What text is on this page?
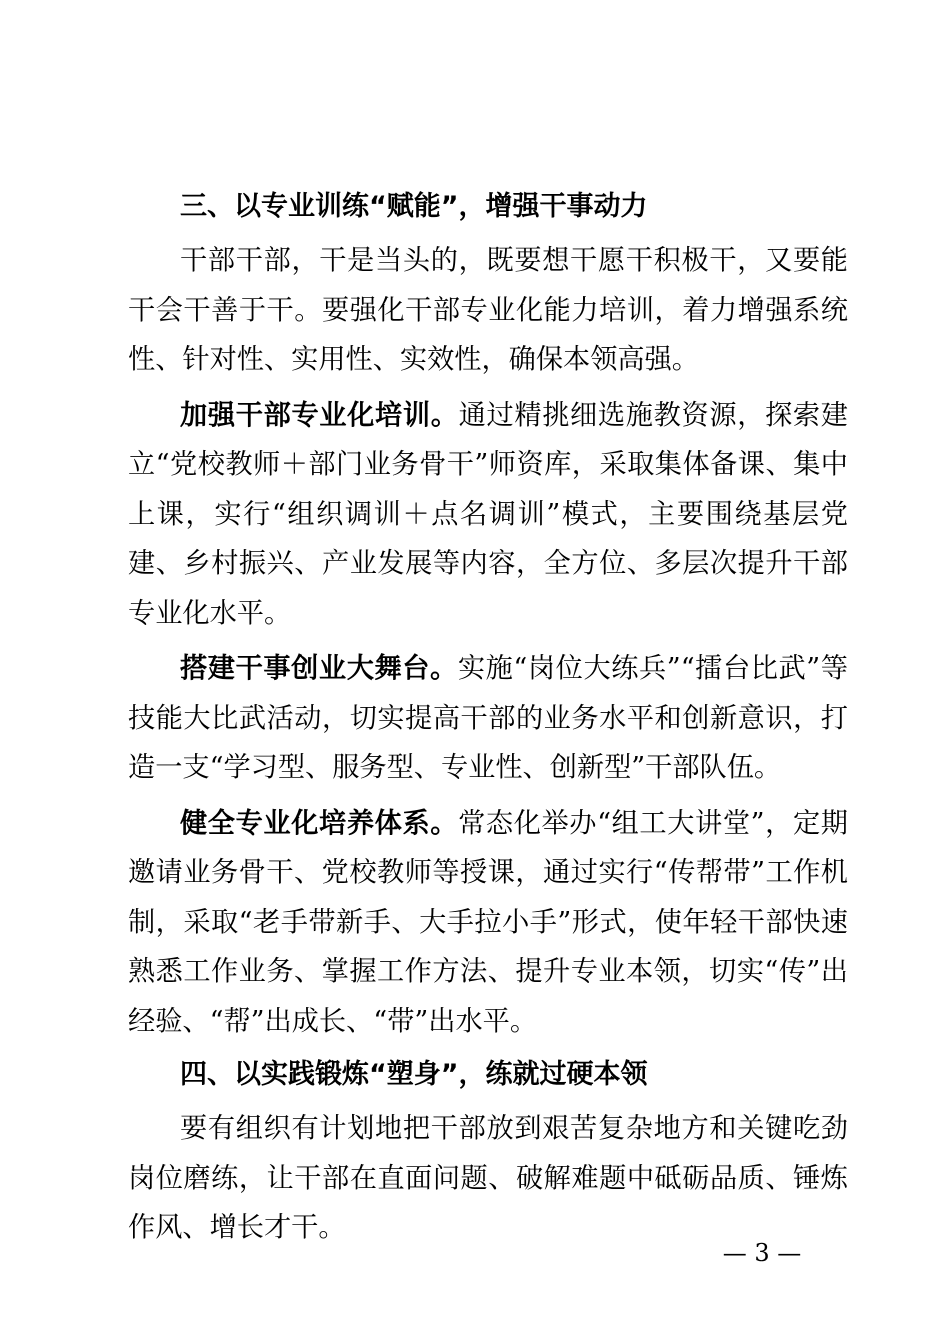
三、以专业训练“赋能”，增强干事动力

干部干部，干是当头的，既要想干愿干积极干，又要能干会干善于干。要强化干部专业化能力培训，着力增强系统性、针对性、实用性、实效性，确保本领高强。

加强干部专业化培训。通过精挑细选施教资源，探索建立“党校教师＋部门业务骨干”师资库，采取集体备课、集中上课，实行“组织调训＋点名调训”模式，主要围绕基层党建、乡村振兴、产业发展等内容，全方位、多层次提升干部专业化水平。

搭建干事创业大舞台。实施“岗位大练兵”“擂台比武”等技能大比武活动，切实提高干部的业务水平和创新意识，打造一支“学习型、服务型、专业性、创新型”干部队伍。

健全专业化培养体系。常态化举办“组工大讲堂”，定期邀请业务骨干、党校教师等授课，通过实行“传帮带”工作机制，采取“老手带新手、大手拉小手”形式，使年轻干部快速熟悉工作业务、掌握工作方法、提升专业本领，切实“传”出经验、“帮”出成长、“带”出水平。

四、以实践锻炼“塑身”，练就过硬本领

要有组织有计划地把干部放到艰苦复杂地方和关键吃劲岗位磨练，让干部在直面问题、破解难题中砥砺品质、锤炼作风、增长才干。

— 3 —
